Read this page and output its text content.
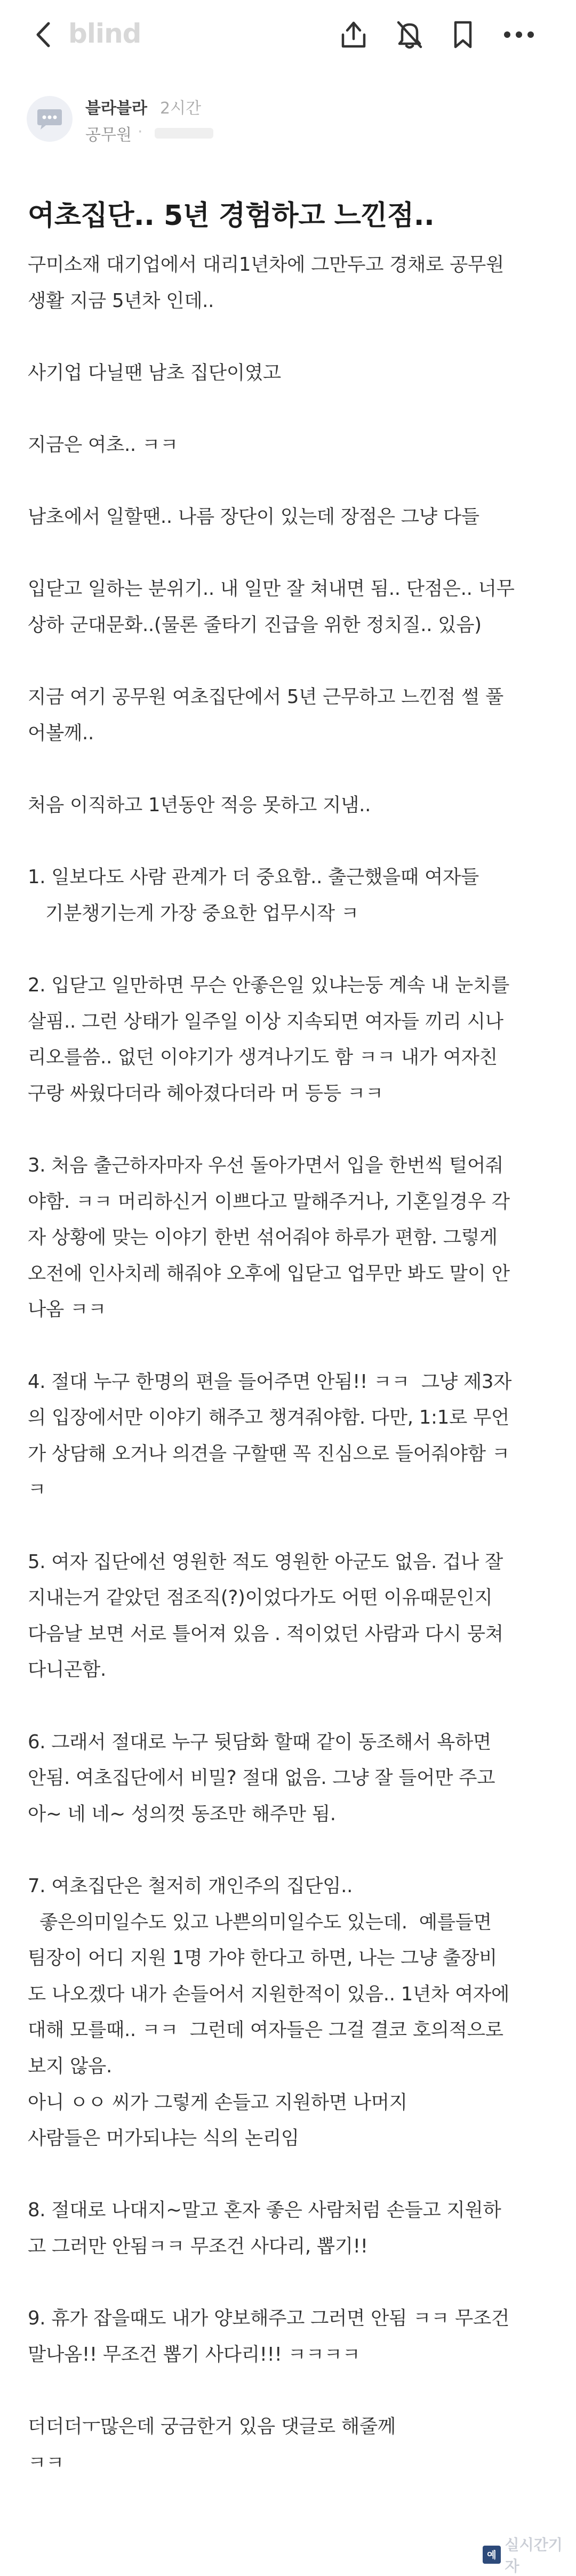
blind
블라블라 2시간
공무원 ·
여초집단.. 5년 경험하고 느낀점..
구미소재 대기업에서 대리1년차에 그만두고 경채로 공무원
생활 지금 5년차 인데..
사기업 다닐땐 남초 집단이였고
지금은 여초.. ㅋㅋ
남초에서 일할땐.. 나름 장단이 있는데 장점은 그냥 다들
입닫고 일하는 분위기.. 내 일만 잘 쳐내면 됨.. 단점은.. 너무
상하 군대문화..(물론 줄타기 진급을 위한 정치질.. 있음)
지금 여기 공무원 여초집단에서 5년 근무하고 느낀점 썰 풀
어볼께..
처음 이직하고 1년동안 적응 못하고 지냄..
1. 일보다도 사람 관계가 더 중요함.. 출근했을때 여자들
기분챙기는게 가장 중요한 업무시작 ㅋ
2. 입닫고 일만하면 무슨 안좋은일 있냐는둥 계속 내 눈치를
살핌.. 그런 상태가 일주일 이상 지속되면 여자들 끼리 시나
리오를씀.. 없던 이야기가 생겨나기도 함 ㅋㅋ 내가 여자친
구랑 싸웠다더라 헤아졌다더라 머 등등 ㅋㅋ
3. 처음 출근하자마자 우선 돌아가면서 입을 한번씩 털어줘
야함. ㅋㅋ 머리하신거 이쁘다고 말해주거나, 기혼일경우 각
자 상황에 맞는 이야기 한번 섞어줘야 하루가 편함. 그렇게
오전에 인사치레 해줘야 오후에 입닫고 업무만 봐도 말이 안
나옴 ㅋㅋ
4. 절대 누구 한명의 편을 들어주면 안됨!! ㅋㅋ  그냥 제3자
의 입장에서만 이야기 해주고 챙겨줘야함. 다만, 1:1로 무언
가 상담해 오거나 의견을 구할땐 꼭 진심으로 들어줘야함 ㅋ
ㅋ
5. 여자 집단에선 영원한 적도 영원한 아군도 없음. 겁나 잘
지내는거 같았던 점조직(?)이었다가도 어떤 이유때문인지
다음날 보면 서로 틀어져 있음 . 적이었던 사람과 다시 뭉쳐
다니곤함.
6. 그래서 절대로 누구 뒷담화 할때 같이 동조해서 욕하면
안됨. 여초집단에서 비밀? 절대 없음. 그냥 잘 들어만 주고
아~ 네 네~ 성의껏 동조만 해주만 됨.
7. 여초집단은 철저히 개인주의 집단임..
좋은의미일수도 있고 나쁜의미일수도 있는데.  예를들면
팀장이 어디 지원 1명 가야 한다고 하면, 나는 그냥 출장비
도 나오겠다 내가 손들어서 지원한적이 있음.. 1년차 여자에
대해 모를때.. ㅋㅋ  그런데 여자들은 그걸 결코 호의적으로
보지 않음.
아니 ㅇㅇ 씨가 그렇게 손들고 지원하면 나머지
사람들은 머가되냐는 식의 논리임
8. 절대로 나대지~말고 혼자 좋은 사람처럼 손들고 지원하
고 그러만 안됨ㅋㅋ 무조건 사다리, 뽑기!!
9. 휴가 잡을때도 내가 양보해주고 그러면 안됨 ㅋㅋ 무조건
말나옴!! 무조건 뽑기 사다리!!! ㅋㅋㅋㅋ
더더더ㅜ많은데 궁금한거 있음 댓글로 해줄께
ㅋㅋ
예
실시간기자
